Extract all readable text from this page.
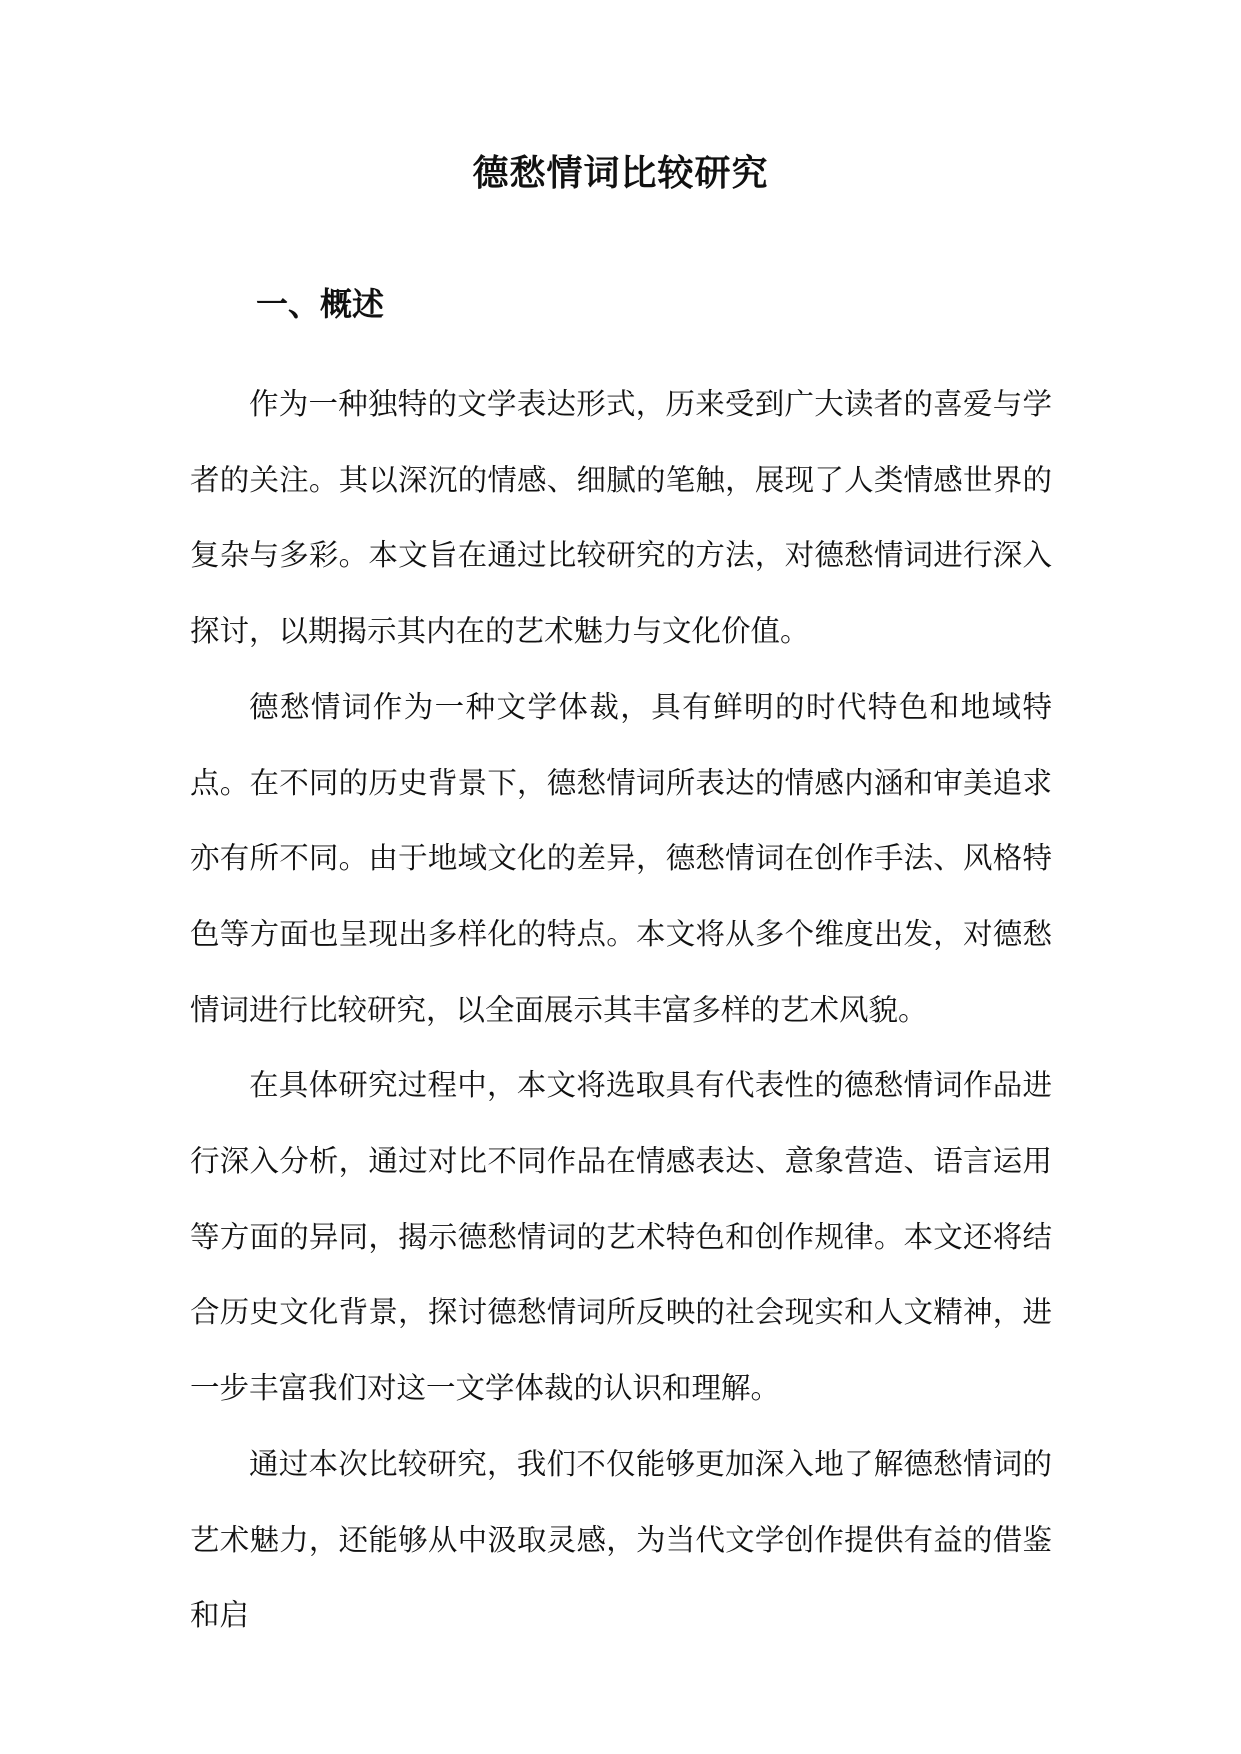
德愁情词比较研究
一、概述

作为一种独特的文学表达形式，历来受到广大读者的喜爱与学者的关注。其以深沉的情感、细腻的笔触，展现了人类情感世界的复杂与多彩。本文旨在通过比较研究的方法，对德愁情词进行深入探讨，以期揭示其内在的艺术魅力与文化价值。

德愁情词作为一种文学体裁，具有鲜明的时代特色和地域特点。在不同的历史背景下，德愁情词所表达的情感内涵和审美追求亦有所不同。由于地域文化的差异，德愁情词在创作手法、风格特色等方面也呈现出多样化的特点。本文将从多个维度出发，对德愁情词进行比较研究，以全面展示其丰富多样的艺术风貌。

在具体研究过程中，本文将选取具有代表性的德愁情词作品进行深入分析，通过对比不同作品在情感表达、意象营造、语言运用等方面的异同，揭示德愁情词的艺术特色和创作规律。本文还将结合历史文化背景，探讨德愁情词所反映的社会现实和人文精神，进一步丰富我们对这一文学体裁的认识和理解。

通过本次比较研究，我们不仅能够更加深入地了解德愁情词的艺术魅力，还能够从中汲取灵感，为当代文学创作提供有益的借鉴和启
